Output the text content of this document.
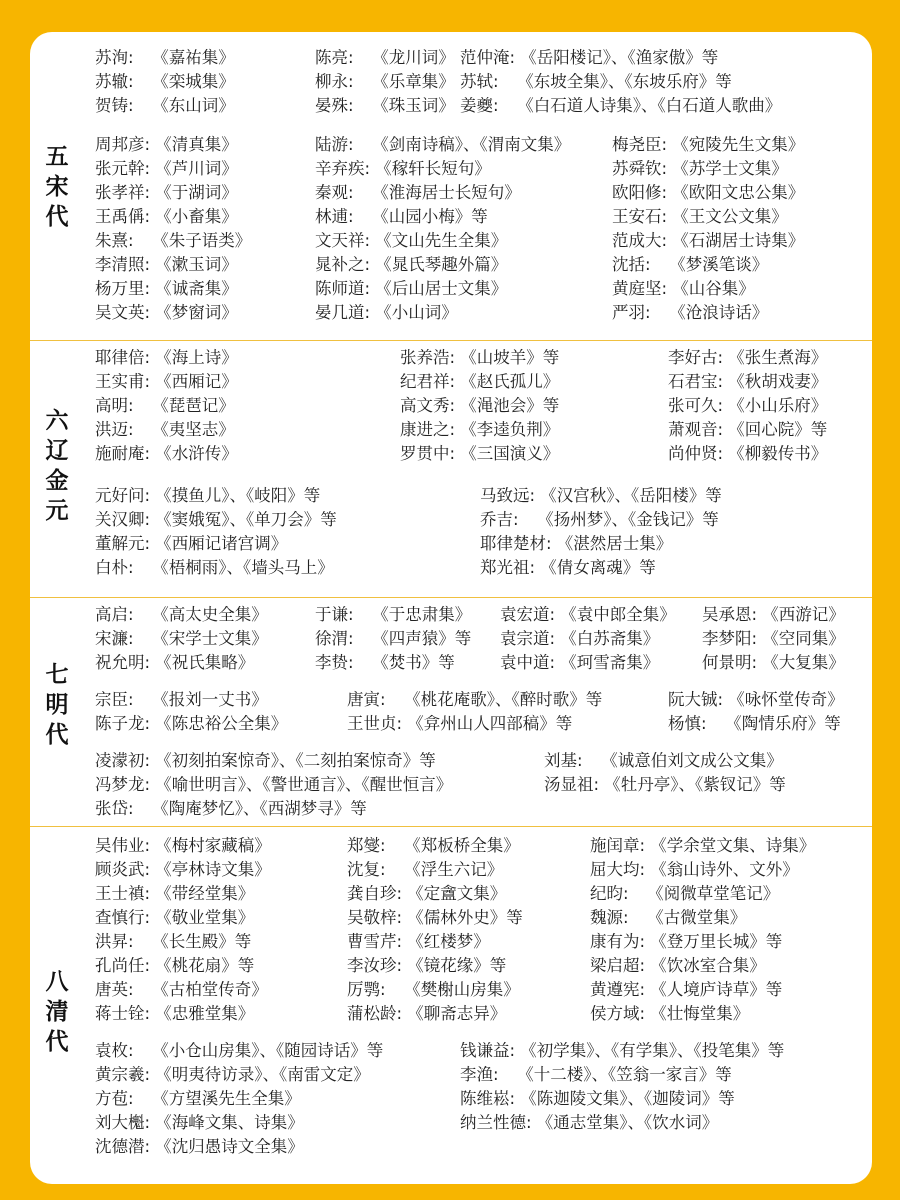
五
宋
代
苏洵: 《嘉祐集》	陈亮: 《龙川词》 范仲淹: 《岳阳楼记》、《渔家傲》等
苏辙: 《栾城集》	柳永: 《乐章集》 苏轼: 《东坡全集》、《东坡乐府》等
贺铸: 《东山词》	晏殊: 《珠玉词》 姜夔: 《白石道人诗集》、《白石道人歌曲》
周邦彦: 《清真集》	陆游: 《剑南诗稿》、《渭南文集》	梅尧臣: 《宛陵先生文集》
张元幹: 《芦川词》	辛弃疾: 《稼轩长短句》	苏舜钦: 《苏学士文集》
张孝祥: 《于湖词》	秦观: 《淮海居士长短句》	欧阳修: 《欧阳文忠公集》
王禹偁: 《小畜集》	林逋: 《山园小梅》等	王安石: 《王文公文集》
朱熹: 《朱子语类》	文天祥: 《文山先生全集》	范成大: 《石湖居士诗集》
李清照: 《漱玉词》	晁补之: 《晁氏琴趣外篇》	沈括: 《梦溪笔谈》
杨万里: 《诚斋集》	陈师道: 《后山居士文集》	黄庭坚: 《山谷集》
吴文英: 《梦窗词》	晏几道: 《小山词》	严羽: 《沧浪诗话》
六
辽
金
元
耶律倍: 《海上诗》	张养浩: 《山坡羊》等	李好古: 《张生煮海》
王实甫: 《西厢记》	纪君祥: 《赵氏孤儿》	石君宝: 《秋胡戏妻》
高明: 《琵琶记》	高文秀: 《渑池会》等	张可久: 《小山乐府》
洪迈: 《夷坚志》	康进之: 《李逵负荆》	萧观音: 《回心院》等
施耐庵: 《水浒传》	罗贯中: 《三国演义》	尚仲贤: 《柳毅传书》
元好问: 《摸鱼儿》、《岐阳》等	马致远: 《汉宫秋》、《岳阳楼》等
关汉卿: 《窦娥冤》、《单刀会》等	乔吉: 《扬州梦》、《金钱记》等
董解元: 《西厢记诸宫调》	耶律楚材: 《湛然居士集》
白朴: 《梧桐雨》、《墙头马上》	郑光祖: 《倩女离魂》等
七
明
代
高启: 《高太史全集》	于谦: 《于忠肃集》 袁宏道: 《袁中郎全集》 吴承恩: 《西游记》
宋濂: 《宋学士文集》	徐渭: 《四声猿》等 袁宗道: 《白苏斋集》	李梦阳: 《空同集》
祝允明: 《祝氏集略》	李贽: 《焚书》等	袁中道: 《珂雪斋集》	何景明: 《大复集》
宗臣: 《报刘一丈书》	唐寅: 《桃花庵歌》、《醉时歌》等	阮大铖: 《咏怀堂传奇》
陈子龙: 《陈忠裕公全集》	王世贞: 《弇州山人四部稿》等	杨慎: 《陶情乐府》等
凌濛初: 《初刻拍案惊奇》、《二刻拍案惊奇》等	刘基: 《诚意伯刘文成公文集》
冯梦龙: 《喻世明言》、《警世通言》、《醒世恒言》	汤显祖: 《牡丹亭》、《紫钗记》等
张岱: 《陶庵梦忆》、《西湖梦寻》等
八
清
代
吴伟业: 《梅村家藏稿》	郑燮: 《郑板桥全集》	施闰章: 《学余堂文集、诗集》
顾炎武: 《亭林诗文集》	沈复: 《浮生六记》	屈大均: 《翁山诗外、文外》
王士禛: 《带经堂集》	龚自珍: 《定盦文集》	纪昀: 《阅微草堂笔记》
查慎行: 《敬业堂集》	吴敬梓: 《儒林外史》等	魏源: 《古微堂集》
洪昇: 《长生殿》等	曹雪芹: 《红楼梦》	康有为: 《登万里长城》等
孔尚任: 《桃花扇》等	李汝珍: 《镜花缘》等	梁启超: 《饮冰室合集》
唐英: 《古柏堂传奇》	厉鹗: 《樊榭山房集》	黄遵宪: 《人境庐诗草》等
蒋士铨: 《忠雅堂集》	蒲松龄: 《聊斋志异》	侯方域: 《壮悔堂集》
袁枚: 《小仓山房集》、《随园诗话》等	钱谦益: 《初学集》、《有学集》、《投笔集》等
黄宗羲: 《明夷待访录》、《南雷文定》	李渔: 《十二楼》、《笠翁一家言》等
方苞: 《方望溪先生全集》	陈维崧: 《陈迦陵文集》、《迦陵词》等
刘大櫆: 《海峰文集、诗集》	纳兰性德: 《通志堂集》、《饮水词》
沈德潜: 《沈归愚诗文全集》
